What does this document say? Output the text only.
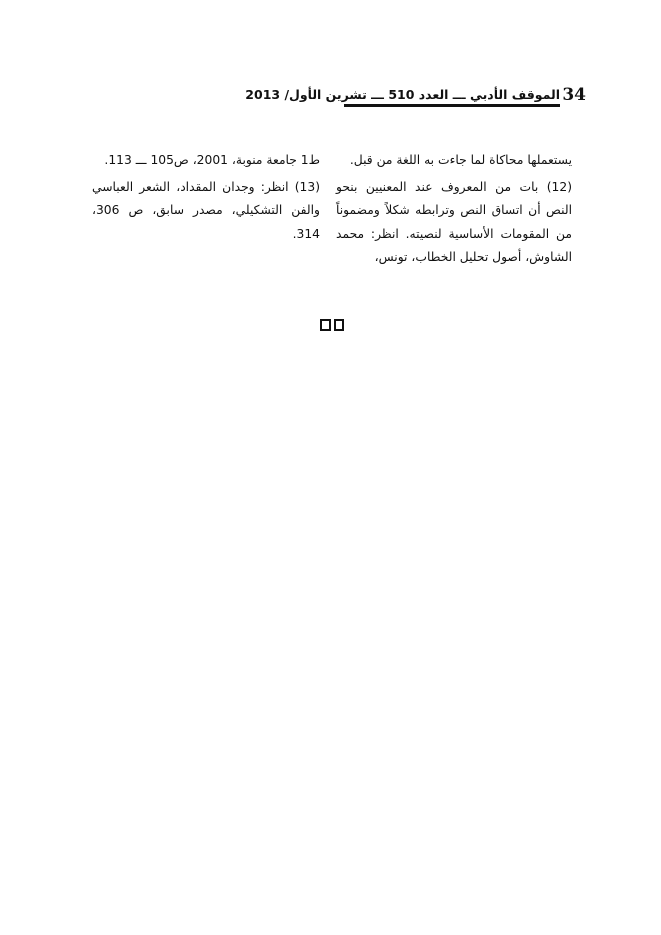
34
الموقف الأدبي ـــ العدد 510 ـــ تشرين الأول/ 2013

يستعملها محاكاة لما جاءت به اللغة من قبل.

(12) بات من المعروف عند المعنيين بنحو النص أن اتساق النص وترابطه شكلاً ومضموناً من المقومات الأساسية لنصيته. انظر: محمد الشاوش، أصول تحليل الخطاب، تونس،

ط1 جامعة منوبة، 2001، ص105 ـــ 113.

(13) انظر: وجدان المقداد، الشعر العباسي والفن التشكيلي، مصدر سابق، ص 306، 314.
